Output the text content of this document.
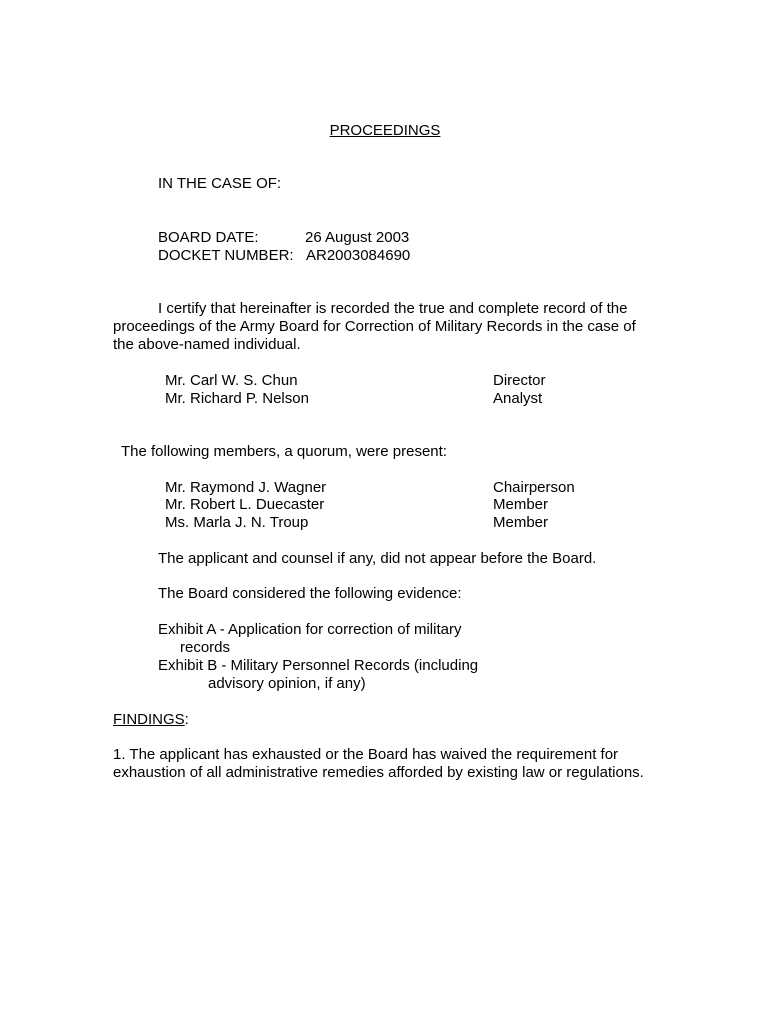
PROCEEDINGS
IN THE CASE OF:
BOARD DATE:	26 August 2003
DOCKET NUMBER: AR2003084690
I certify that hereinafter is recorded the true and complete record of the proceedings of the Army Board for Correction of Military Records in the case of the above-named individual.
Mr. Carl W. S. Chun	Director
Mr. Richard P. Nelson	Analyst
The following members, a quorum, were present:
Mr. Raymond J. Wagner	Chairperson
Mr. Robert L. Duecaster	Member
Ms. Marla J. N. Troup	Member
The applicant and counsel if any, did not appear before the Board.
The Board considered the following evidence:
Exhibit A - Application for correction of military
records
Exhibit B - Military Personnel Records (including
advisory opinion, if any)
FINDINGS:
1. The applicant has exhausted or the Board has waived the requirement for exhaustion of all administrative remedies afforded by existing law or regulations.
